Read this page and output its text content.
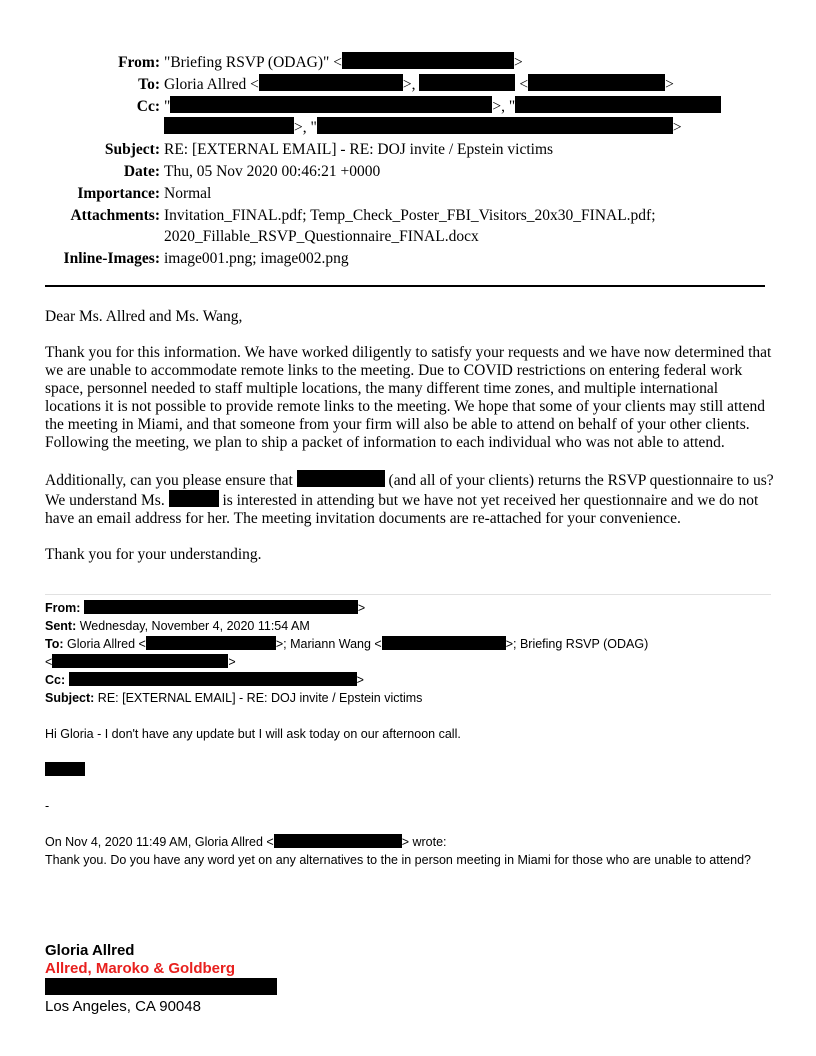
From: "Briefing RSVP (ODAG)" <	>
To: Gloria Allred <	>,	<	>
Cc: "	>, "
>, "	>
Subject: RE: [EXTERNAL EMAIL] - RE: DOJ invite / Epstein victims
Date: Thu, 05 Nov 2020 00:46:21 +0000
Importance: Normal
Attachments: Invitation_FINAL.pdf; Temp_Check_Poster_FBI_Visitors_20x30_FINAL.pdf;
2020_Fillable_RSVP_Questionnaire_FINAL.docx
Inline-Images: image001.png; image002.png

Dear Ms. Allred and Ms. Wang,

Thank you for this information. We have worked diligently to satisfy your requests and we have now determined that we are unable to accommodate remote links to the meeting. Due to COVID restrictions on entering federal work space, personnel needed to staff multiple locations, the many different time zones, and multiple international locations it is not possible to provide remote links to the meeting. We hope that some of your clients may still attend the meeting in Miami, and that someone from your firm will also be able to attend on behalf of your other clients. Following the meeting, we plan to ship a packet of information to each individual who was not able to attend.

Additionally, can you please ensure that	(and all of your clients) returns the RSVP questionnaire to us? We understand Ms.	is interested in attending but we have not yet received her questionnaire and we do not have an email address for her. The meeting invitation documents are re-attached for your convenience.

Thank you for your understanding.

From:	>

Sent: Wednesday, November 4, 2020 11:54 AM

To: Gloria Allred <	>; Mariann Wang <	>; Briefing RSVP (ODAG)

<	>

Cc:	>

Subject: RE: [EXTERNAL EMAIL] - RE: DOJ invite / Epstein victims

Hi Gloria - I don't have any update but I will ask today on our afternoon call.

-

On Nov 4, 2020 11:49 AM, Gloria Allred <	> wrote:

Thank you. Do you have any word yet on any alternatives to the in person meeting in Miami for those who are unable to attend?

Gloria Allred
Allred, Maroko & Goldberg
Los Angeles, CA 90048
